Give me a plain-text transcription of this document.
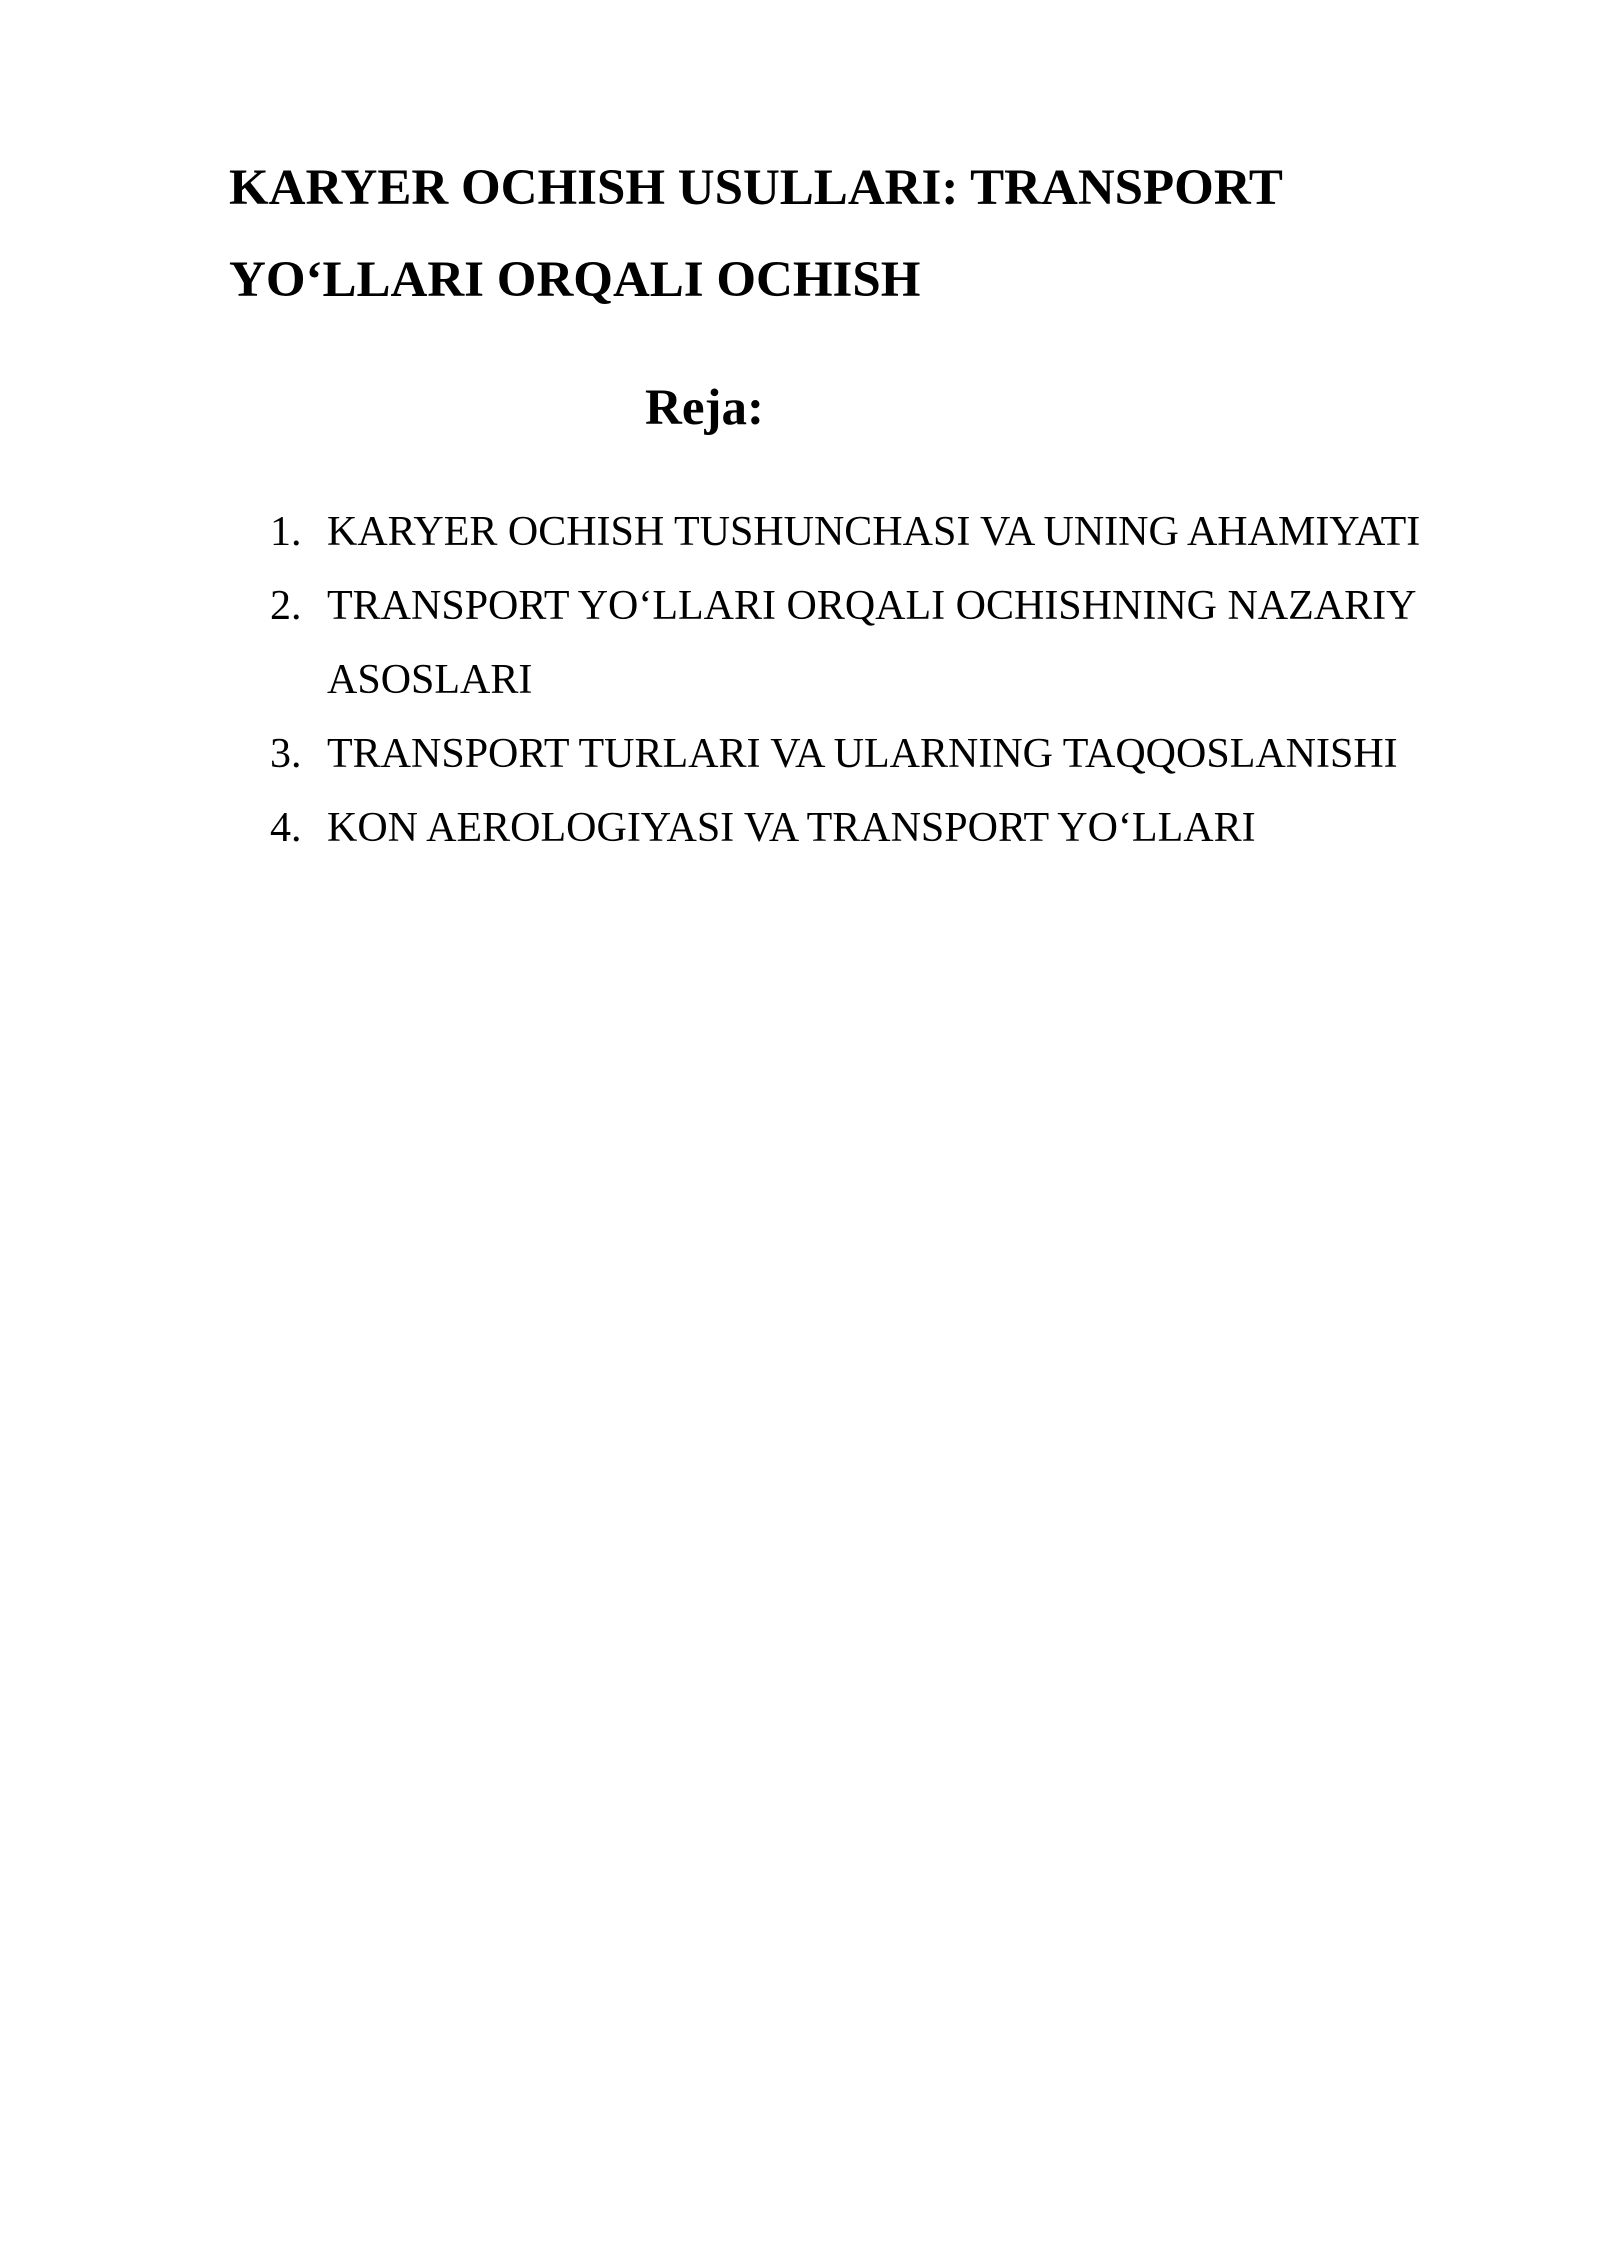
KARYER OCHISH USULLARI: TRANSPORT
YO‘LLARI ORQALI OCHISH
Reja:
1. KARYER OCHISH TUSHUNCHASI VA UNING AHAMIYATI
2. TRANSPORT YO‘LLARI ORQALI OCHISHNING NAZARIY ASOSLARI
3. TRANSPORT TURLARI VA ULARNING TAQQOSLANISHI
4. KON AEROLOGIYASI VA TRANSPORT YO‘LLARI
